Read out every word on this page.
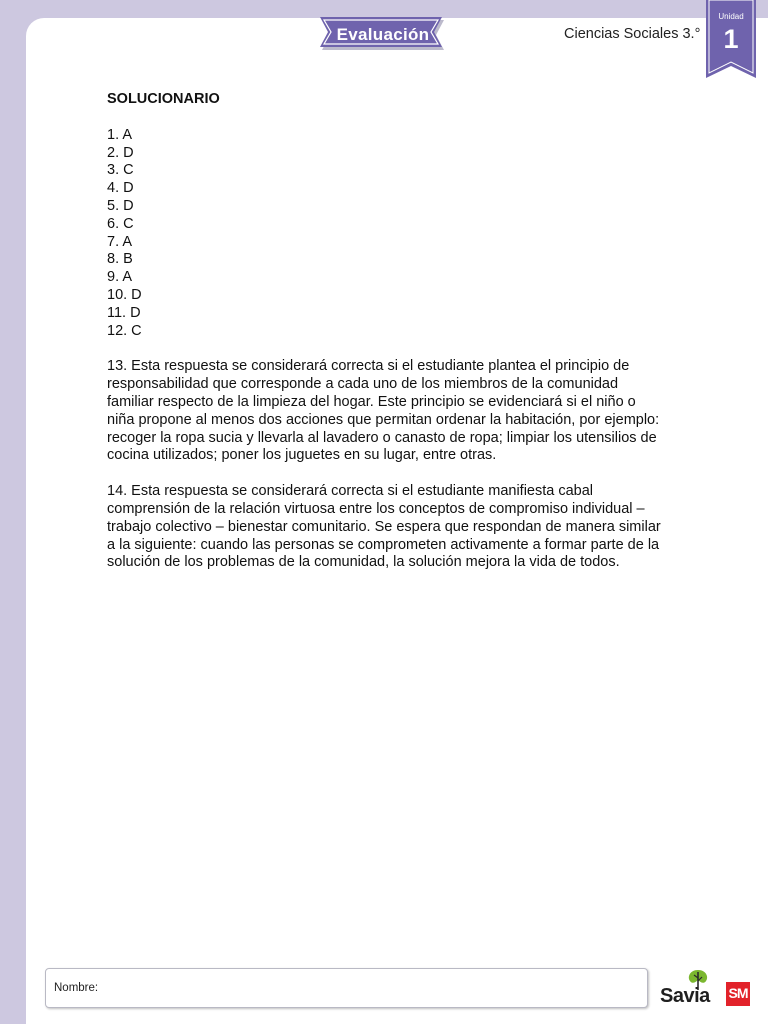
Evaluación	Ciencias Sociales 3.°
Unidad
1
SOLUCIONARIO
1. A
2. D
3. C
4. D
5. D
6. C
7. A
8. B
9. A
10. D
11. D
12. C

13. Esta respuesta se considerará correcta si el estudiante plantea el principio de responsabilidad que corresponde a cada uno de los miembros de la comunidad familiar respecto de la limpieza del hogar. Este principio se evidenciará si el niño o niña propone al menos dos acciones que permitan ordenar la habitación, por ejemplo: recoger la ropa sucia y llevarla al lavadero o canasto de ropa; limpiar los utensilios de cocina utilizados; poner los juguetes en su lugar, entre otras.

14. Esta respuesta se considerará correcta si el estudiante manifiesta cabal comprensión de la relación virtuosa entre los conceptos de compromiso individual – trabajo colectivo – bienestar comunitario. Se espera que respondan de manera similar a la siguiente: cuando las personas se comprometen activamente a formar parte de la solución de los problemas de la comunidad, la solución mejora la vida de todos.

Nombre:	Savia	SM
